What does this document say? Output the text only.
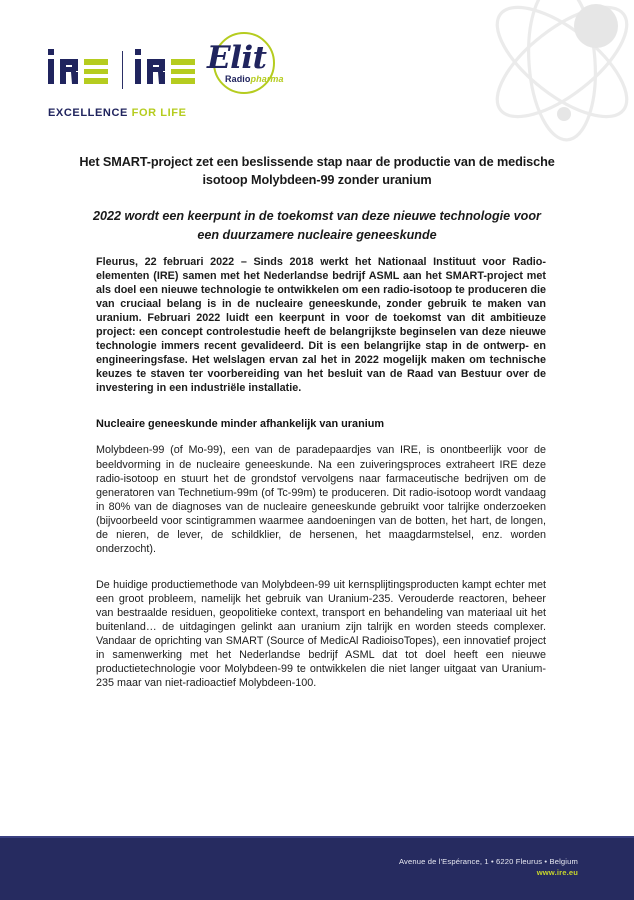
Elit
Radiopharma
EXCELLENCE FOR LIFE
Het SMART-project zet een beslissende stap naar de productie van de medische isotoop Molybdeen-99 zonder uranium
2022 wordt een keerpunt in de toekomst van deze nieuwe technologie voor een duurzamere nucleaire geneeskunde

Fleurus, 22 februari 2022 – Sinds 2018 werkt het Nationaal Instituut voor Radio-elementen (IRE) samen met het Nederlandse bedrijf ASML aan het SMART-project met als doel een nieuwe technologie te ontwikkelen om een radio-isotoop te produceren die van cruciaal belang is in de nucleaire geneeskunde, zonder gebruik te maken van uranium. Februari 2022 luidt een keerpunt in voor de toekomst van dit ambitieuze project: een concept controlestudie heeft de belangrijkste beginselen van deze nieuwe technologie immers recent gevalideerd. Dit is een belangrijke stap in de ontwerp- en engineeringsfase. Het welslagen ervan zal het in 2022 mogelijk maken om technische keuzes te staven ter voorbereiding van het besluit van de Raad van Bestuur over de investering in een industriële installatie.

Nucleaire geneeskunde minder afhankelijk van uranium

Molybdeen-99 (of Mo-99), een van de paradepaardjes van IRE, is onontbeerlijk voor de beeldvorming in de nucleaire geneeskunde. Na een zuiveringsproces extraheert IRE deze radio-isotoop en stuurt het de grondstof vervolgens naar farmaceutische bedrijven om de generatoren van Technetium-99m (of Tc-99m) te produceren. Dit radio-isotoop wordt vandaag in 80% van de diagnoses van de nucleaire geneeskunde gebruikt voor talrijke onderzoeken (bijvoorbeeld voor scintigrammen waarmee aandoeningen van de botten, het hart, de longen, de nieren, de lever, de schildklier, de hersenen, het maagdarmstelsel, enz. worden onderzocht).

De huidige productiemethode van Molybdeen-99 uit kernsplijtingsproducten kampt echter met een groot probleem, namelijk het gebruik van Uranium-235. Verouderde reactoren, beheer van bestraalde residuen, geopolitieke context, transport en behandeling van materiaal uit het buitenland… de uitdagingen gelinkt aan uranium zijn talrijk en worden steeds complexer. Vandaar de oprichting van SMART (Source of MedicAl RadioisoTopes), een innovatief project in samenwerking met het Nederlandse bedrijf ASML dat tot doel heeft een nieuwe productietechnologie voor Molybdeen-99 te ontwikkelen die niet langer uitgaat van Uranium-235 maar van niet-radioactief Molybdeen-100.

Avenue de l'Espérance, 1 • 6220 Fleurus • Belgium
www.ire.eu
